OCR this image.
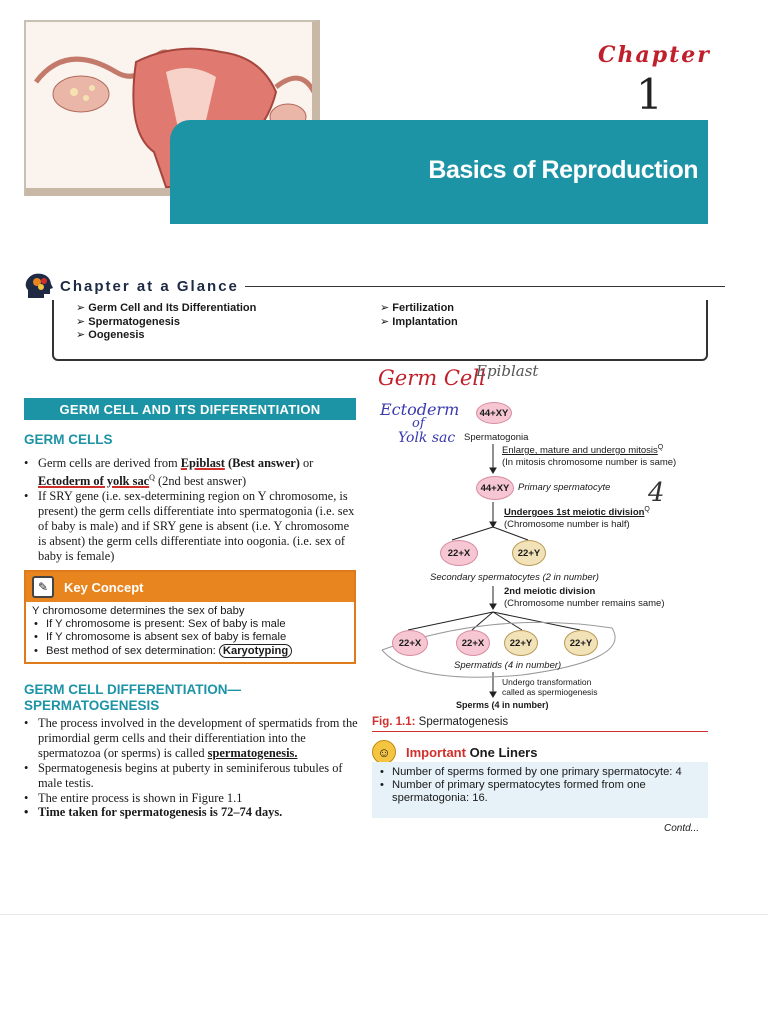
Basics of Reproduction
Chapter
1
Chapter at a Glance
➢ Germ Cell and Its Differentiation
➢ Spermatogenesis
➢ Oogenesis
➢ Fertilization
➢ Implantation
GERM CELL AND ITS DIFFERENTIATION
GERM CELLS
• Germ cells are derived from Epiblast (Best answer) or Ectoderm of yolk sac$^Q$ (2nd best answer)
• If SRY gene (i.e. sex-determining region on Y chromosome, is present) the germ cells differentiate into spermatogonia (i.e. sex of baby is male) and if SRY gene is absent (i.e. Y chromosome is absent) the germ cells differentiate into oogonia. (i.e. sex of baby is female)
✎	Key Concept
Y chromosome determines the sex of baby
• If Y chromosome is present: Sex of baby is male
• If Y chromosome is absent sex of baby is female
• Best method of sex determination: Karyotyping
GERM CELL DIFFERENTIATION—
SPERMATOGENESIS
• The process involved in the development of spermatids from the primordial germ cells and their differentiation into the spermatozoa (or sperms) is called spermatogenesis.
• Spermatogenesis begins at puberty in seminiferous tubules of male testis.
• The entire process is shown in Figure 1.1
• Time taken for spermatogenesis is 72–74 days.
44+XY
Spermatogonia
Enlarge, mature and undergo mitosis$^Q$
(In mitosis chromosome number is same)
44+XY Primary spermatocyte
Undergoes 1st meiotic division$^Q$
(Chromosome number is half)
22+X	22+Y
Secondary spermatocytes (2 in number)
2nd meiotic division
(Chromosome number remains same)
22+X	22+X	22+Y	22+Y
Spermatids (4 in number)
Undergo transformation
called as spermiogenesis
Sperms (4 in number)
Germ Cell
Epiblast
Ectoderm
of
Yolk sac
4
Fig. 1.1: Spermatogenesis
☺	Important One Liners
• Number of sperms formed by one primary spermatocyte: 4
• Number of primary spermatocytes formed from one spermatogonia: 16.
Contd...
